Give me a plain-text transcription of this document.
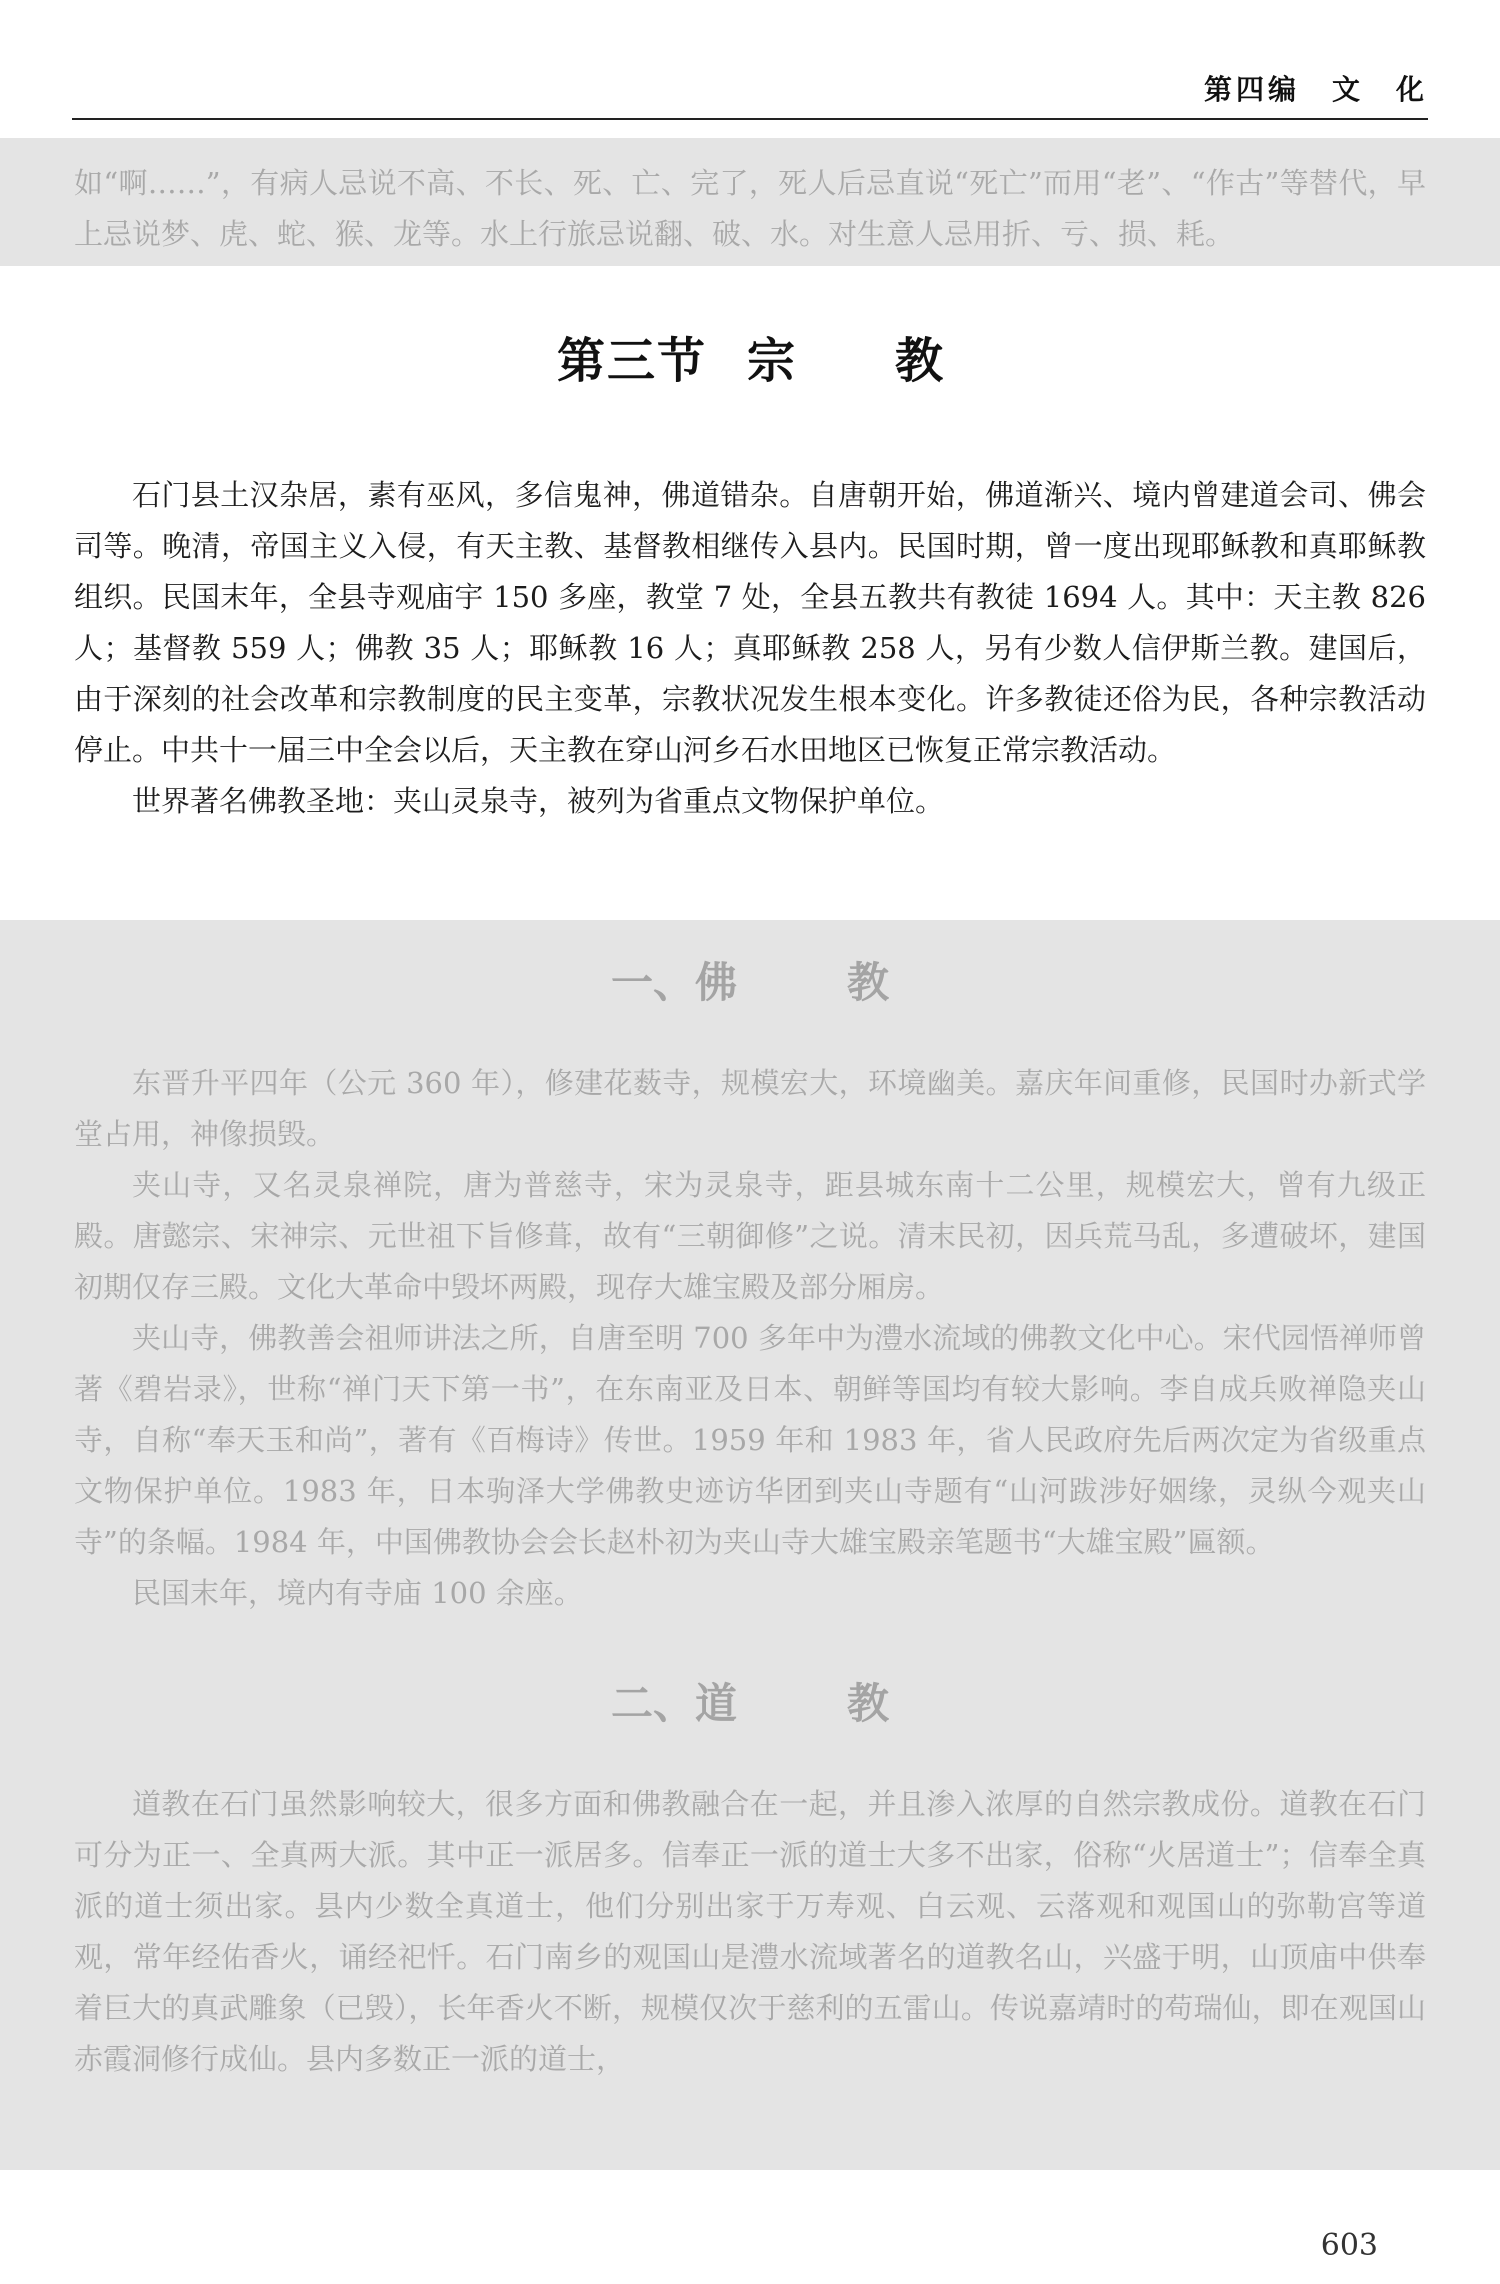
第四编　文　化

如“啊……”，有病人忌说不高、不长、死、亡、完了，死人后忌直说“死亡”而用“老”、“作古”等替代，早上忌说梦、虎、蛇、猴、龙等。水上行旅忌说翻、破、水。对生意人忌用折、亏、损、耗。

第三节 宗 教

石门县土汉杂居，素有巫风，多信鬼神，佛道错杂。自唐朝开始，佛道渐兴、境内曾建道会司、佛会司等。晚清，帝国主义入侵，有天主教、基督教相继传入县内。民国时期，曾一度出现耶稣教和真耶稣教组织。民国末年，全县寺观庙宇 150 多座，教堂 7 处，全县五教共有教徒 1694 人。其中：天主教 826 人；基督教 559 人；佛教 35 人；耶稣教 16 人；真耶稣教 258 人，另有少数人信伊斯兰教。建国后，由于深刻的社会改革和宗教制度的民主变革，宗教状况发生根本变化。许多教徒还俗为民，各种宗教活动停止。中共十一届三中全会以后，天主教在穿山河乡石水田地区已恢复正常宗教活动。

世界著名佛教圣地：夹山灵泉寺，被列为省重点文物保护单位。

一、佛	教

东晋升平四年（公元 360 年），修建花薮寺，规模宏大，环境幽美。嘉庆年间重修，民国时办新式学堂占用，神像损毁。

夹山寺，又名灵泉禅院，唐为普慈寺，宋为灵泉寺，距县城东南十二公里，规模宏大，曾有九级正殿。唐懿宗、宋神宗、元世祖下旨修葺，故有“三朝御修”之说。清末民初，因兵荒马乱，多遭破坏，建国初期仅存三殿。文化大革命中毁坏两殿，现存大雄宝殿及部分厢房。

夹山寺，佛教善会祖师讲法之所，自唐至明 700 多年中为澧水流域的佛教文化中心。宋代园悟禅师曾著《碧岩录》，世称“禅门天下第一书”，在东南亚及日本、朝鲜等国均有较大影响。李自成兵败禅隐夹山寺，自称“奉天玉和尚”，著有《百梅诗》传世。1959 年和 1983 年，省人民政府先后两次定为省级重点文物保护单位。1983 年，日本驹泽大学佛教史迹访华团到夹山寺题有“山河跋涉好姻缘，灵纵今观夹山寺”的条幅。1984 年，中国佛教协会会长赵朴初为夹山寺大雄宝殿亲笔题书“大雄宝殿”匾额。

民国末年，境内有寺庙 100 余座。

二、道	教

道教在石门虽然影响较大，很多方面和佛教融合在一起，并且渗入浓厚的自然宗教成份。道教在石门可分为正一、全真两大派。其中正一派居多。信奉正一派的道士大多不出家，俗称“火居道士”；信奉全真派的道士须出家。县内少数全真道士，他们分别出家于万寿观、白云观、云落观和观国山的弥勒宫等道观，常年经佑香火，诵经祀忏。石门南乡的观国山是澧水流域著名的道教名山，兴盛于明，山顶庙中供奉着巨大的真武雕象（已毁），长年香火不断，规模仅次于慈利的五雷山。传说嘉靖时的苟瑞仙，即在观国山赤霞洞修行成仙。县内多数正一派的道士，

603
